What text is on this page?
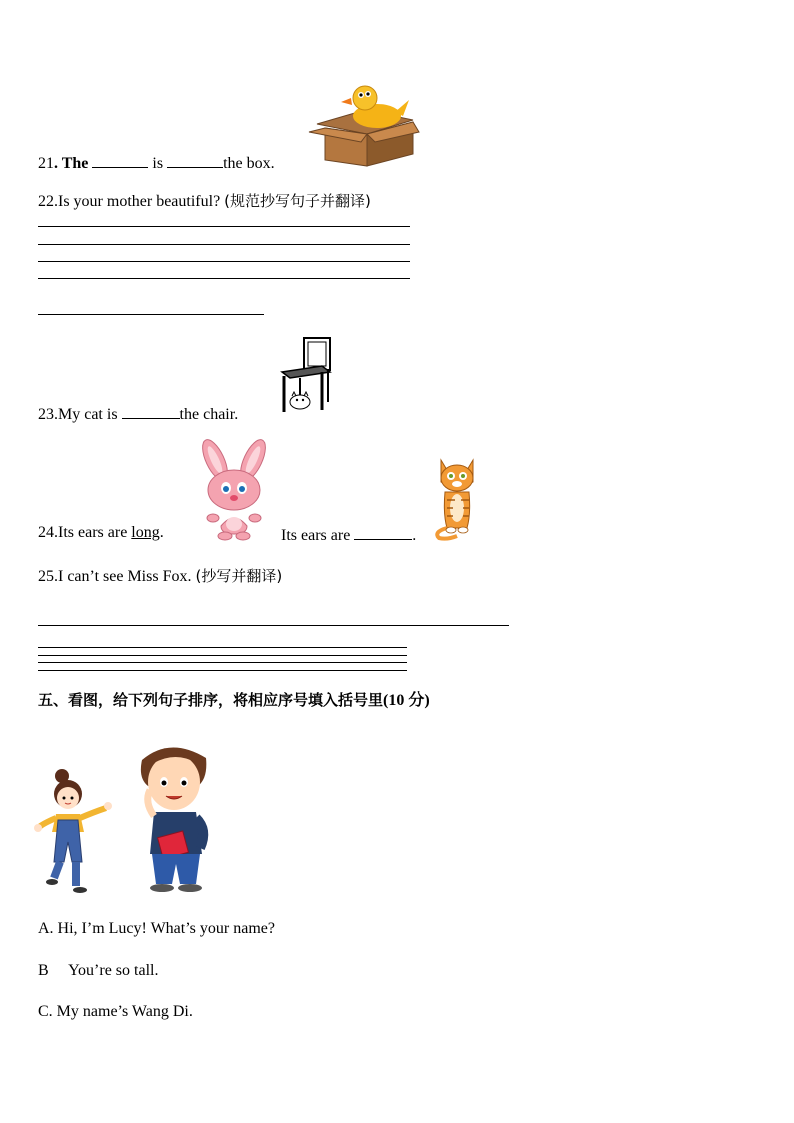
21. The	is	the box.
22.Is your mother beautiful? (规范抄写句子并翻译)
23.My cat is	the chair.
24.Its ears are long.	Its ears are	.
25.I can’t see Miss Fox. (抄写并翻译)
五、看图，给下列句子排序，将相应序号填入括号里(10 分)
A. Hi, I’m Lucy! What’s your name?
B　 You’re so tall.
C. My name’s Wang Di.
